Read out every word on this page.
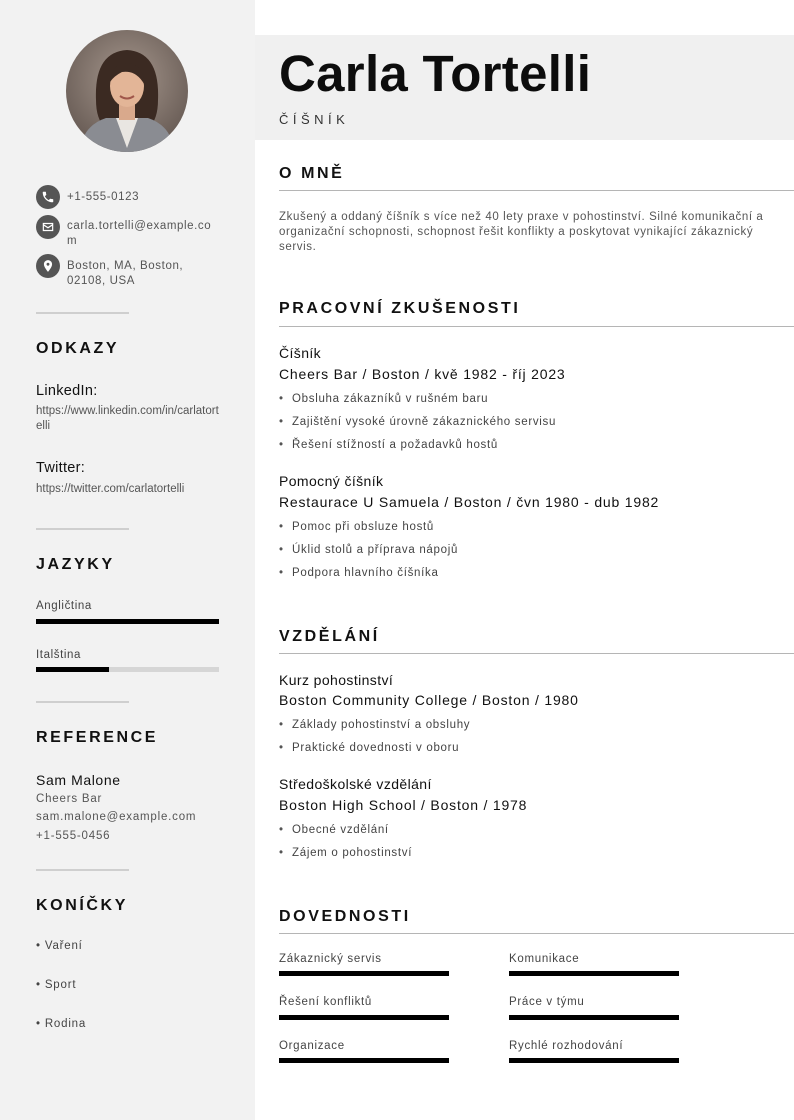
+1-555-0123
carla.tortelli@example.com
Boston, MA, Boston, 02108, USA
ODKAZY
LinkedIn:
https://www.linkedin.com/in/carlatortelli
Twitter:
https://twitter.com/carlatortelli
JAZYKY
Angličtina
Italština
REFERENCE
Sam Malone
Cheers Bar
sam.malone@example.com
+1-555-0456
KONÍČKY
• Vaření
• Sport
• Rodina
Carla Tortelli
ČÍŠNÍK
O MNĚ
Zkušený a oddaný číšník s více než 40 lety praxe v pohostinství. Silné komunikační a organizační schopnosti, schopnost řešit konflikty a poskytovat vynikající zákaznický servis.
PRACOVNÍ ZKUŠENOSTI
Číšník
Cheers Bar / Boston / kvě 1982 - říj 2023
• Obsluha zákazníků v rušném baru
• Zajištění vysoké úrovně zákaznického servisu
• Řešení stížností a požadavků hostů
Pomocný číšník
Restaurace U Samuela / Boston / čvn 1980 - dub 1982
• Pomoc při obsluze hostů
• Úklid stolů a příprava nápojů
• Podpora hlavního číšníka
VZDĚLÁNÍ
Kurz pohostinství
Boston Community College / Boston / 1980
• Základy pohostinství a obsluhy
• Praktické dovednosti v oboru
Středoškolské vzdělání
Boston High School / Boston / 1978
• Obecné vzdělání
• Zájem o pohostinství
DOVEDNOSTI
Zákaznický servis	Komunikace
Řešení konfliktů	Práce v týmu
Organizace	Rychlé rozhodování
